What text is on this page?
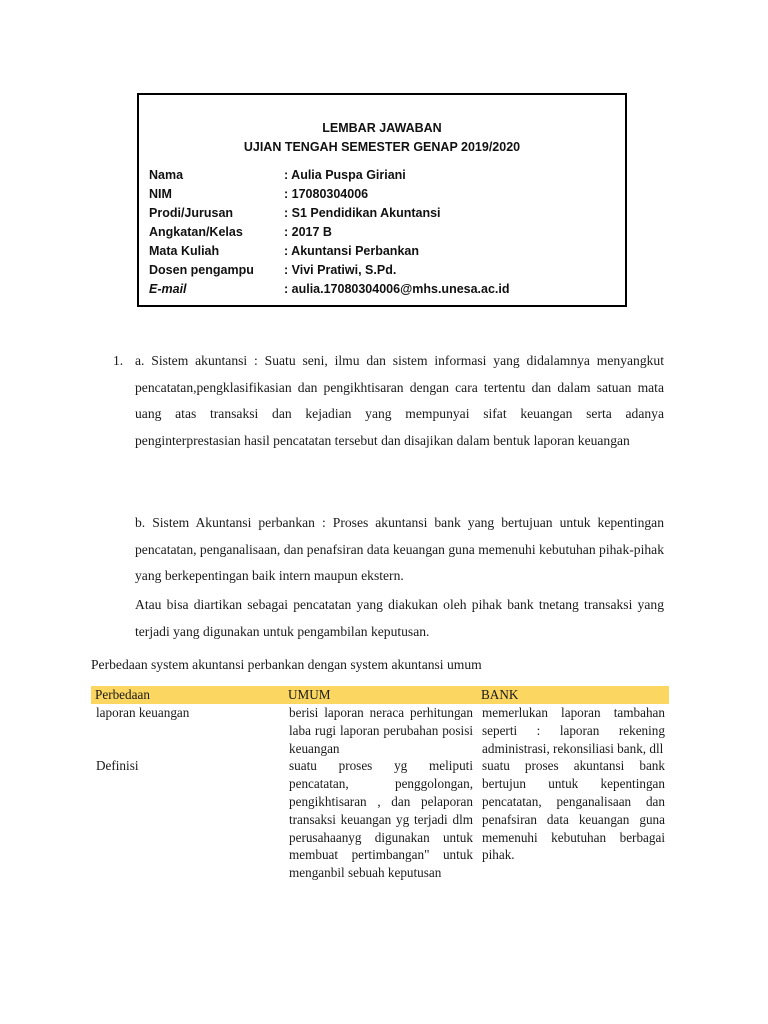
LEMBAR JAWABAN
UJIAN TENGAH SEMESTER GENAP 2019/2020
Nama	: Aulia Puspa Giriani
NIM	: 17080304006
Prodi/Jurusan	: S1 Pendidikan Akuntansi
Angkatan/Kelas	: 2017 B
Mata Kuliah	: Akuntansi Perbankan
Dosen pengampu : Vivi Pratiwi, S.Pd.
E-mail	: aulia.17080304006@mhs.unesa.ac.id
1. a. Sistem akuntansi : Suatu seni, ilmu dan sistem informasi yang didalamnya menyangkut pencatatan,pengklasifikasian dan pengikhtisaran dengan cara tertentu dan dalam satuan mata uang atas transaksi dan kejadian yang mempunyai sifat keuangan serta adanya penginterprestasian hasil pencatatan tersebut dan disajikan dalam bentuk laporan keuangan

b. Sistem Akuntansi perbankan : Proses akuntansi bank yang bertujuan untuk kepentingan pencatatan, penganalisaan, dan penafsiran data keuangan guna memenuhi kebutuhan pihak-pihak yang berkepentingan baik intern maupun ekstern.

Atau bisa diartikan sebagai pencatatan yang diakukan oleh pihak bank tnetang transaksi yang terjadi yang digunakan untuk pengambilan keputusan.

Perbedaan system akuntansi perbankan dengan system akuntansi umum
Perbedaan	UMUM	BANK
laporan keuangan	berisi laporan neraca perhitungan laba rugi laporan perubahan posisi keuangan	memerlukan laporan tambahan seperti : laporan rekening administrasi, rekonsiliasi bank, dll
Definisi	suatu proses yg meliputi pencatatan, penggolongan, pengikhtisaran , dan pelaporan transaksi keuangan yg terjadi dlm perusahaanyg digunakan untuk membuat pertimbangan" untuk menganbil sebuah keputusan	suatu proses akuntansi bank bertujun untuk kepentingan pencatatan, penganalisaan dan penafsiran data keuangan guna memenuhi kebutuhan berbagai pihak.
